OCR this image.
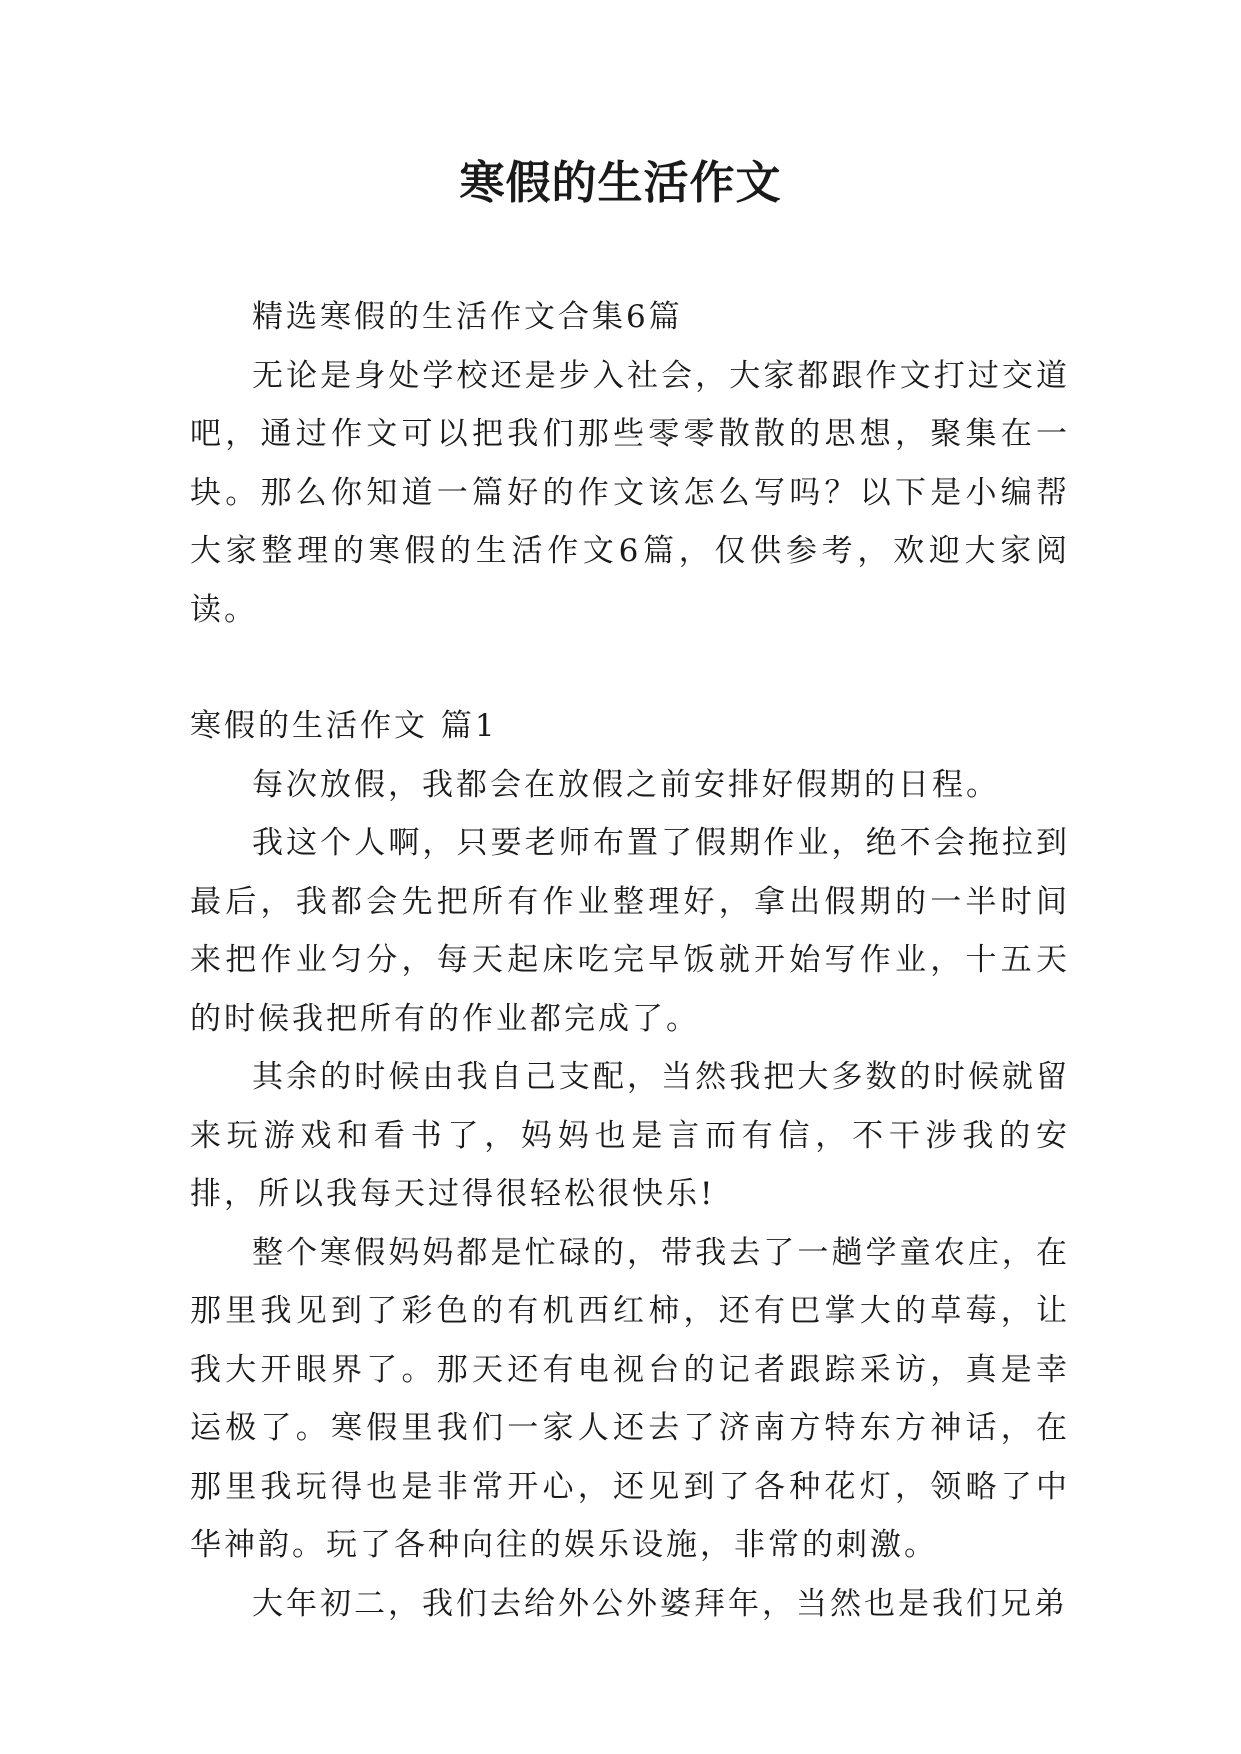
寒假的生活作文

精选寒假的生活作文合集6篇

无论是身处学校还是步入社会，大家都跟作文打过交道吧，通过作文可以把我们那些零零散散的思想，聚集在一块。那么你知道一篇好的作文该怎么写吗？以下是小编帮大家整理的寒假的生活作文6篇，仅供参考，欢迎大家阅读。

寒假的生活作文 篇1

每次放假，我都会在放假之前安排好假期的日程。

我这个人啊，只要老师布置了假期作业，绝不会拖拉到最后，我都会先把所有作业整理好，拿出假期的一半时间来把作业匀分，每天起床吃完早饭就开始写作业，十五天的时候我把所有的作业都完成了。

其余的时候由我自己支配，当然我把大多数的时候就留来玩游戏和看书了，妈妈也是言而有信，不干涉我的安排，所以我每天过得很轻松很快乐!

整个寒假妈妈都是忙碌的，带我去了一趟学童农庄，在那里我见到了彩色的有机西红柿，还有巴掌大的草莓，让我大开眼界了。那天还有电视台的记者跟踪采访，真是幸运极了。寒假里我们一家人还去了济南方特东方神话，在那里我玩得也是非常开心，还见到了各种花灯，领略了中华神韵。玩了各种向往的娱乐设施，非常的刺激。

大年初二，我们去给外公外婆拜年，当然也是我们兄弟
